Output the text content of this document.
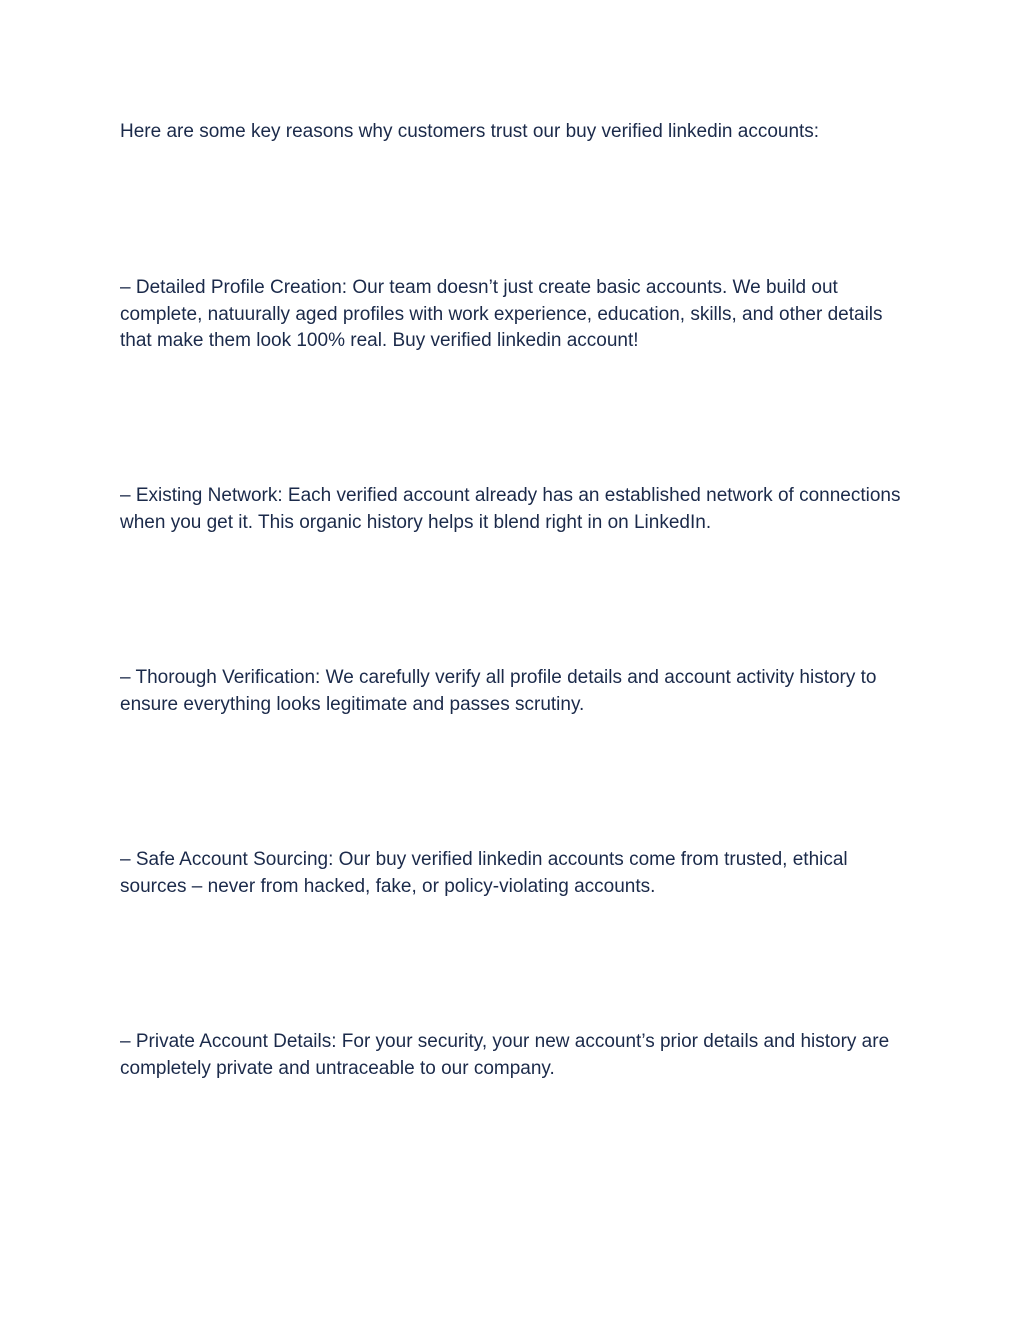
Here are some key reasons why customers trust our buy verified linkedin accounts:

– Detailed Profile Creation: Our team doesn’t just create basic accounts. We build out complete, natuurally aged profiles with work experience, education, skills, and other details that make them look 100% real. Buy verified linkedin account!

– Existing Network: Each verified account already has an established network of connections when you get it. This organic history helps it blend right in on LinkedIn.

– Thorough Verification: We carefully verify all profile details and account activity history to ensure everything looks legitimate and passes scrutiny.

– Safe Account Sourcing: Our buy verified linkedin accounts come from trusted, ethical sources – never from hacked, fake, or policy-violating accounts.

– Private Account Details: For your security, your new account’s prior details and history are completely private and untraceable to our company.
